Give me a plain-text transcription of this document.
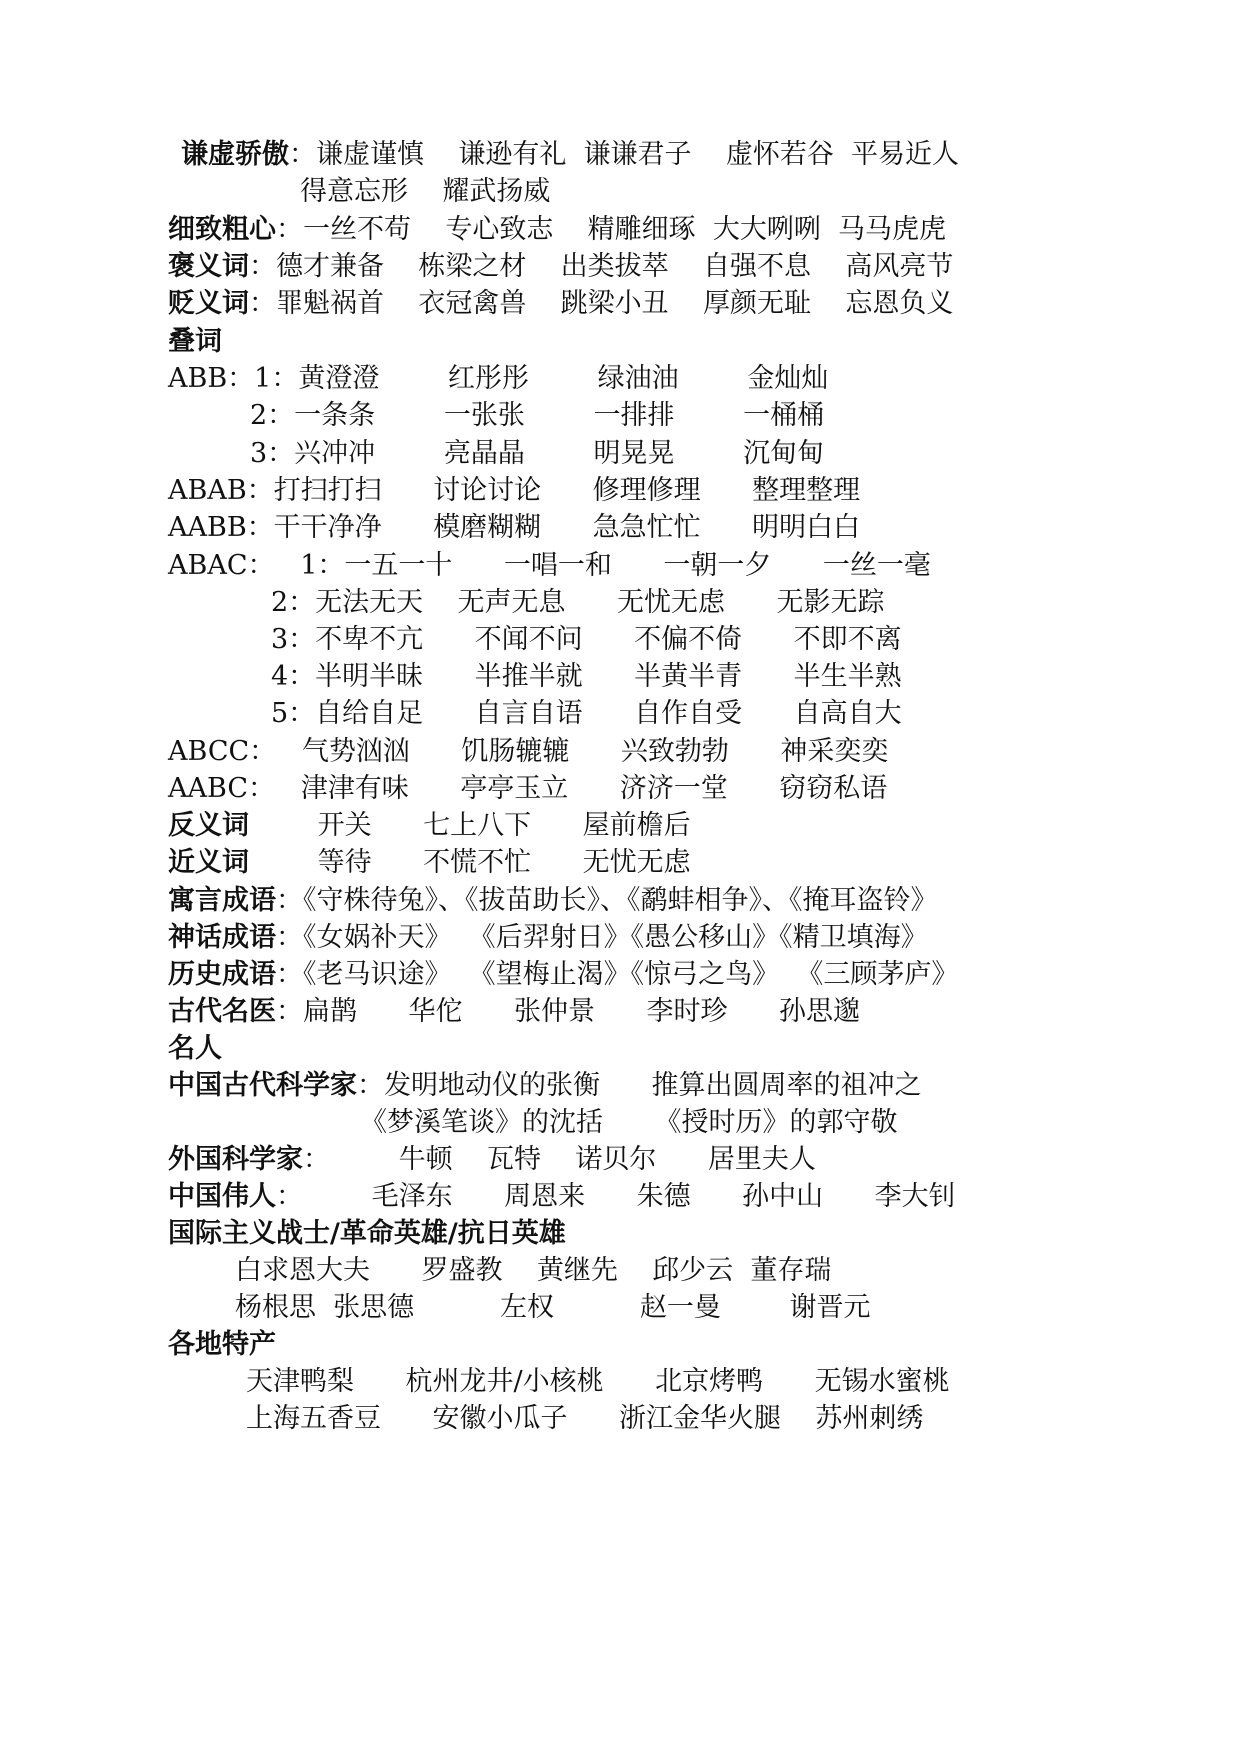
谦虚骄傲：谦虚谨慎    谦逊有礼  谦谦君子    虚怀若谷  平易近人
得意忘形    耀武扬威
细致粗心：一丝不苟    专心致志    精雕细琢  大大咧咧  马马虎虎
褒义词：德才兼备    栋梁之材    出类拔萃    自强不息    高风亮节
贬义词：罪魁祸首    衣冠禽兽    跳梁小丑    厚颜无耻    忘恩负义
叠词
ABB：1：黄澄澄        红彤彤        绿油油        金灿灿
2：一条条        一张张        一排排        一桶桶
3：兴冲冲        亮晶晶        明晃晃        沉甸甸
ABAB：打扫打扫      讨论讨论      修理修理      整理整理
AABB：干干净净      模磨糊糊      急急忙忙      明明白白
ABAC：   1：一五一十      一唱一和      一朝一夕      一丝一毫
2：无法无天    无声无息      无忧无虑      无影无踪
3：不卑不亢      不闻不问      不偏不倚      不即不离
4：半明半昧      半推半就      半黄半青      半生半熟
5：自给自足      自言自语      自作自受      自高自大
ABCC：   气势汹汹      饥肠辘辘      兴致勃勃      神采奕奕
AABC：   津津有味      亭亭玉立      济济一堂      窃窃私语
反义词        开关      七上八下      屋前檐后
近义词        等待      不慌不忙      无忧无虑
寓言成语：《守株待兔》、《拔苗助长》、《鹬蚌相争》、《掩耳盗铃》
神话成语：《女娲补天》  《后羿射日》《愚公移山》《精卫填海》
历史成语：《老马识途》  《望梅止渴》《惊弓之鸟》  《三顾茅庐》
古代名医：扁鹊      华佗      张仲景      李时珍      孙思邈
名人
中国古代科学家：发明地动仪的张衡      推算出圆周率的祖冲之
《梦溪笔谈》的沈括      《授时历》的郭守敬
外国科学家：        牛顿    瓦特    诺贝尔      居里夫人
中国伟人：        毛泽东      周恩来      朱德      孙中山      李大钊
国际主义战士/革命英雄/抗日英雄
白求恩大夫      罗盛教    黄继先    邱少云  董存瑞
杨根思  张思德          左权          赵一曼        谢晋元
各地特产
天津鸭梨      杭州龙井/小核桃      北京烤鸭      无锡水蜜桃
上海五香豆      安徽小瓜子      浙江金华火腿    苏州刺绣
